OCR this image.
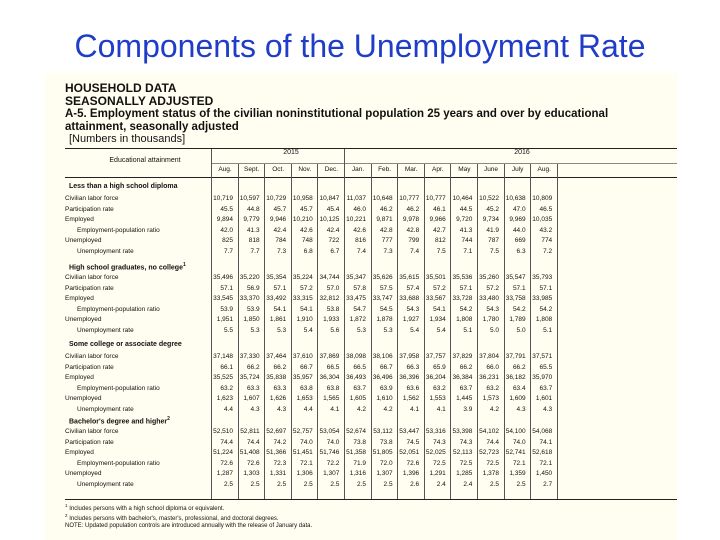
Components of the Unemployment Rate
HOUSEHOLD DATA
SEASONALLY ADJUSTED
A-5. Employment status of the civilian noninstitutional population 25 years and over by educational attainment, seasonally adjusted
[Numbers in thousands]
Educational attainment
2015	2016
Aug.	Sept.	Oct.	Nov.	Dec.	Jan.	Feb.	Mar.	Apr.	May	June	July	Aug.
Less than a high school diploma
Civilian labor force	10,719	10,597	10,729	10,958	10,847	11,037	10,648	10,777	10,777	10,464	10,522	10,638	10,809
Participation rate	45.5	44.8	45.7	45.7	45.4	46.0	46.2	46.2	46.1	44.5	45.2	47.0	46.5
Employed	9,894	9,779	9,946	10,210	10,125	10,221	9,871	9,978	9,966	9,720	9,734	9,969	10,035
Employment-population ratio	42.0	41.3	42.4	42.6	42.4	42.6	42.8	42.8	42.7	41.3	41.9	44.0	43.2
Unemployed	825	818	784	748	722	816	777	799	812	744	787	669	774
Unemployment rate	7.7	7.7	7.3	6.8	6.7	7.4	7.3	7.4	7.5	7.1	7.5	6.3	7.2
High school graduates, no college$^1$
Civilian labor force	35,496	35,220	35,354	35,224	34,744	35,347	35,626	35,615	35,501	35,536	35,260	35,547	35,793
Participation rate	57.1	56.9	57.1	57.2	57.0	57.8	57.5	57.4	57.2	57.1	57.2	57.1	57.1
Employed	33,545	33,370	33,492	33,315	32,812	33,475	33,747	33,688	33,567	33,728	33,480	33,758	33,985
Employment-population ratio	53.9	53.9	54.1	54.1	53.8	54.7	54.5	54.3	54.1	54.2	54.3	54.2	54.2
Unemployed	1,951	1,850	1,861	1,910	1,933	1,872	1,878	1,927	1,934	1,808	1,780	1,789	1,808
Unemployment rate	5.5	5.3	5.3	5.4	5.6	5.3	5.3	5.4	5.4	5.1	5.0	5.0	5.1
Some college or associate degree
Civilian labor force	37,148	37,330	37,464	37,610	37,869	38,098	38,106	37,958	37,757	37,829	37,804	37,791	37,571
Participation rate	66.1	66.2	66.2	66.7	66.5	66.5	66.7	66.3	65.9	66.2	66.0	66.2	65.5
Employed	35,525	35,724	35,838	35,957	36,304	36,493	36,496	36,396	36,204	36,384	36,231	36,182	35,970
Employment-population ratio	63.2	63.3	63.3	63.8	63.8	63.7	63.9	63.6	63.2	63.7	63.2	63.4	63.7
Unemployed	1,623	1,607	1,626	1,653	1,565	1,605	1,610	1,562	1,553	1,445	1,573	1,609	1,601
Unemployment rate	4.4	4.3	4.3	4.4	4.1	4.2	4.2	4.1	4.1	3.9	4.2	4.3	4.3
Bachelor's degree and higher$^2$
Civilian labor force	52,510	52,811	52,697	52,757	53,054	52,674	53,112	53,447	53,316	53,398	54,102	54,100	54,068
Participation rate	74.4	74.4	74.2	74.0	74.0	73.8	73.8	74.5	74.3	74.3	74.4	74.0	74.1
Employed	51,224	51,408	51,366	51,451	51,746	51,358	51,805	52,051	52,025	52,113	52,723	52,741	52,618
Employment-population ratio	72.6	72.6	72.3	72.1	72.2	71.9	72.0	72.6	72.5	72.5	72.5	72.1	72.1
Unemployed	1,287	1,303	1,331	1,306	1,307	1,316	1,307	1,396	1,291	1,285	1,378	1,359	1,450
Unemployment rate	2.5	2.5	2.5	2.5	2.5	2.5	2.5	2.6	2.4	2.4	2.5	2.5	2.7
$^1$ Includes persons with a high school diploma or equivalent.
$^2$ Includes persons with bachelor's, master's, professional, and doctoral degrees.
NOTE: Updated population controls are introduced annually with the release of January data.
